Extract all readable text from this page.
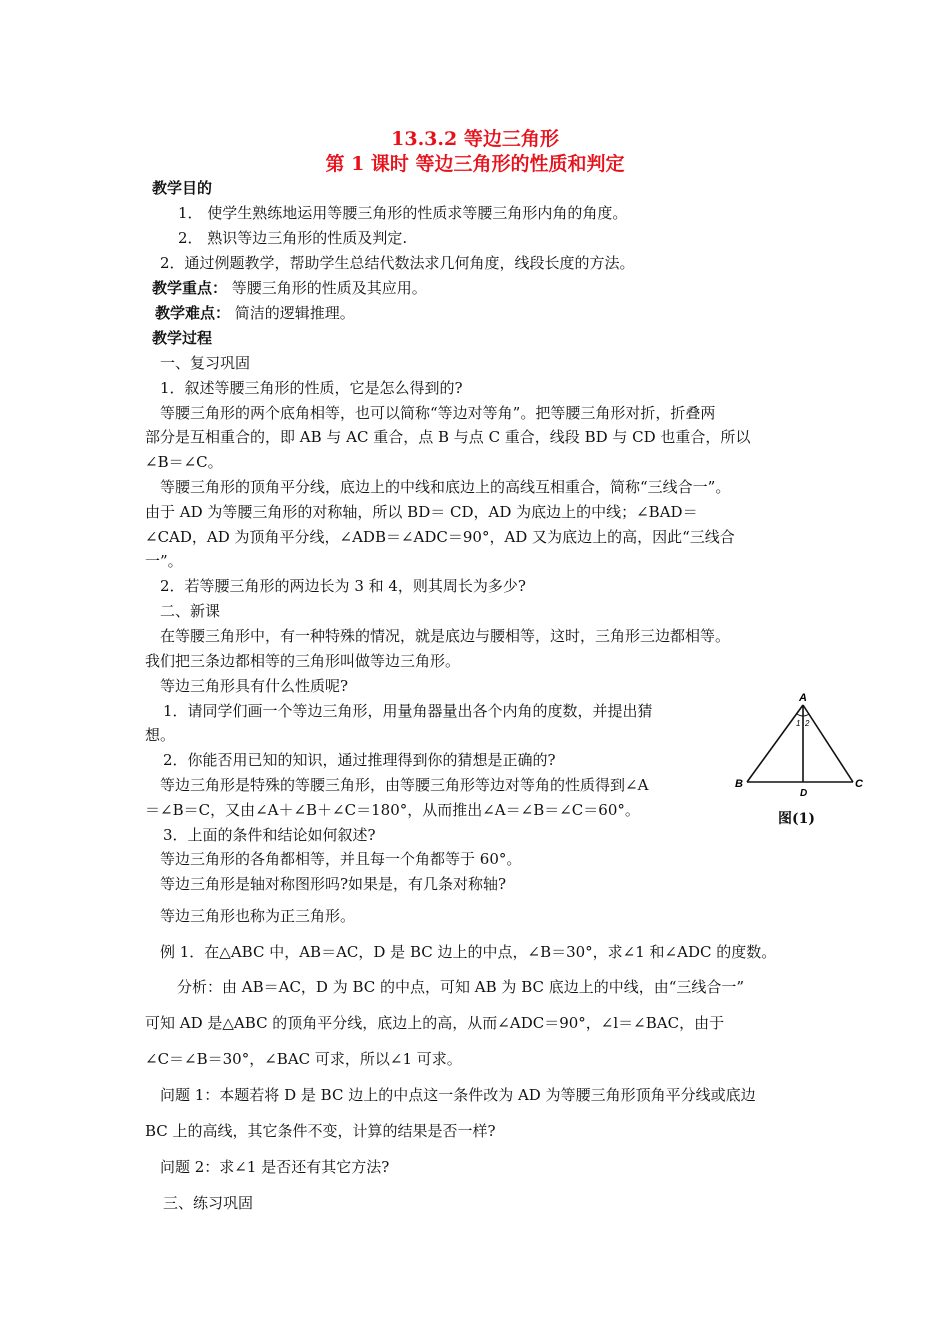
13.3.2 等边三角形
第 1 课时 等边三角形的性质和判定
教学目的
1． 使学生熟练地运用等腰三角形的性质求等腰三角形内角的角度。
2． 熟识等边三角形的性质及判定.
2．通过例题教学，帮助学生总结代数法求几何角度，线段长度的方法。
教学重点： 等腰三角形的性质及其应用。
教学难点： 简洁的逻辑推理。
教学过程
一、复习巩固
1．叙述等腰三角形的性质，它是怎么得到的?
等腰三角形的两个底角相等，也可以简称“等边对等角”。把等腰三角形对折，折叠两
部分是互相重合的，即 AB 与 AC 重合，点 B 与点 C 重合，线段 BD 与 CD 也重合，所以
∠B＝∠C。
等腰三角形的顶角平分线，底边上的中线和底边上的高线互相重合，简称“三线合一”。
由于 AD 为等腰三角形的对称轴，所以 BD＝ CD，AD 为底边上的中线；∠BAD＝
∠CAD，AD 为顶角平分线，∠ADB＝∠ADC＝90°，AD 又为底边上的高，因此“三线合
一”。
2．若等腰三角形的两边长为 3 和 4，则其周长为多少?
二、新课
在等腰三角形中，有一种特殊的情况，就是底边与腰相等，这时，三角形三边都相等。
我们把三条边都相等的三角形叫做等边三角形。
等边三角形具有什么性质呢?
1．请同学们画一个等边三角形，用量角器量出各个内角的度数，并提出猜
想。
2．你能否用已知的知识，通过推理得到你的猜想是正确的?
等边三角形是特殊的等腰三角形，由等腰三角形等边对等角的性质得到∠A
＝∠B＝C，又由∠A＋∠B＋∠C＝180°，从而推出∠A＝∠B＝∠C＝60°。
3．上面的条件和结论如何叙述?
等边三角形的各角都相等，并且每一个角都等于 60°。
等边三角形是轴对称图形吗?如果是，有几条对称轴?
等边三角形也称为正三角形。
例 1．在△ABC 中，AB＝AC，D 是 BC 边上的中点，∠B＝30°，求∠1 和∠ADC 的度数。
分析：由 AB＝AC，D 为 BC 的中点，可知 AB 为 BC 底边上的中线，由“三线合一”
可知 AD 是△ABC 的顶角平分线，底边上的高，从而∠ADC＝90°，∠l＝∠BAC，由于
∠C＝∠B＝30°，∠BAC 可求，所以∠1 可求。
问题 1：本题若将 D 是 BC 边上的中点这一条件改为 AD 为等腰三角形顶角平分线或底边
BC 上的高线，其它条件不变，计算的结果是否一样?
问题 2：求∠1 是否还有其它方法?
三、练习巩固
A
B	C
D
1 2
图(1)
